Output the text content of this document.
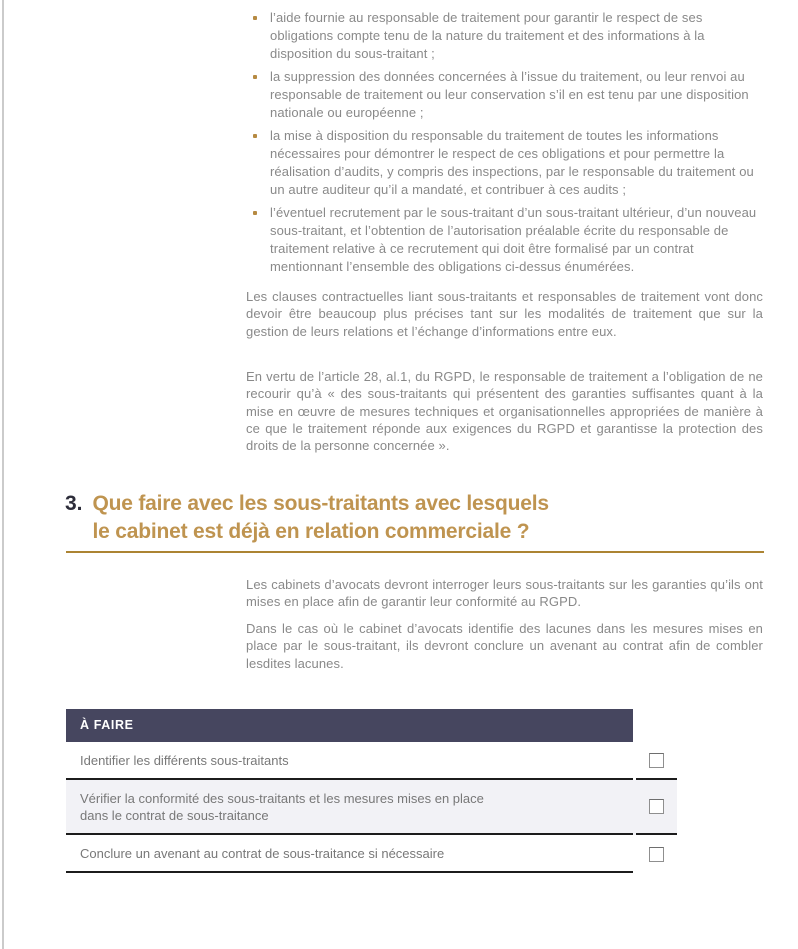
l’aide fournie au responsable de traitement pour garantir le respect de ses obligations compte tenu de la nature du traitement et des informations à la disposition du sous-traitant ;
la suppression des données concernées à l’issue du traitement, ou leur renvoi au responsable de traitement ou leur conservation s’il en est tenu par une disposition nationale ou européenne ;
la mise à disposition du responsable du traitement de toutes les informations nécessaires pour démontrer le respect de ces obligations et pour permettre la réalisation d’audits, y compris des inspections, par le responsable du traitement ou un autre auditeur qu’il a mandaté, et contribuer à ces audits ;
l’éventuel recrutement par le sous-traitant d’un sous-traitant ultérieur, d’un nouveau sous-traitant, et l’obtention de l’autorisation préalable écrite du responsable de traitement relative à ce recrutement qui doit être formalisé par un contrat mentionnant l’ensemble des obligations ci-dessus énumérées.

Les clauses contractuelles liant sous-traitants et responsables de traitement vont donc devoir être beaucoup plus précises tant sur les modalités de traitement que sur la gestion de leurs relations et l’échange d’informations entre eux.

En vertu de l’article 28, al.1, du RGPD, le responsable de traitement a l’obligation de ne recourir qu’à « des sous-traitants qui présentent des garanties suffisantes quant à la mise en œuvre de mesures techniques et organisationnelles appropriées de manière à ce que le traitement réponde aux exigences du RGPD et garantisse la protection des droits de la personne concernée ».

3. Que faire avec les sous-traitants avec lesquels
le cabinet est déjà en relation commerciale ?

Les cabinets d’avocats devront interroger leurs sous-traitants sur les garanties qu’ils ont mises en place afin de garantir leur conformité au RGPD.

Dans le cas où le cabinet d’avocats identifie des lacunes dans les mesures mises en place par le sous-traitant, ils devront conclure un avenant au contrat afin de combler lesdites lacunes.

À FAIRE
Identifier les différents sous-traitants
Vérifier la conformité des sous-traitants et les mesures mises en place
dans le contrat de sous-traitance
Conclure un avenant au contrat de sous-traitance si nécessaire
